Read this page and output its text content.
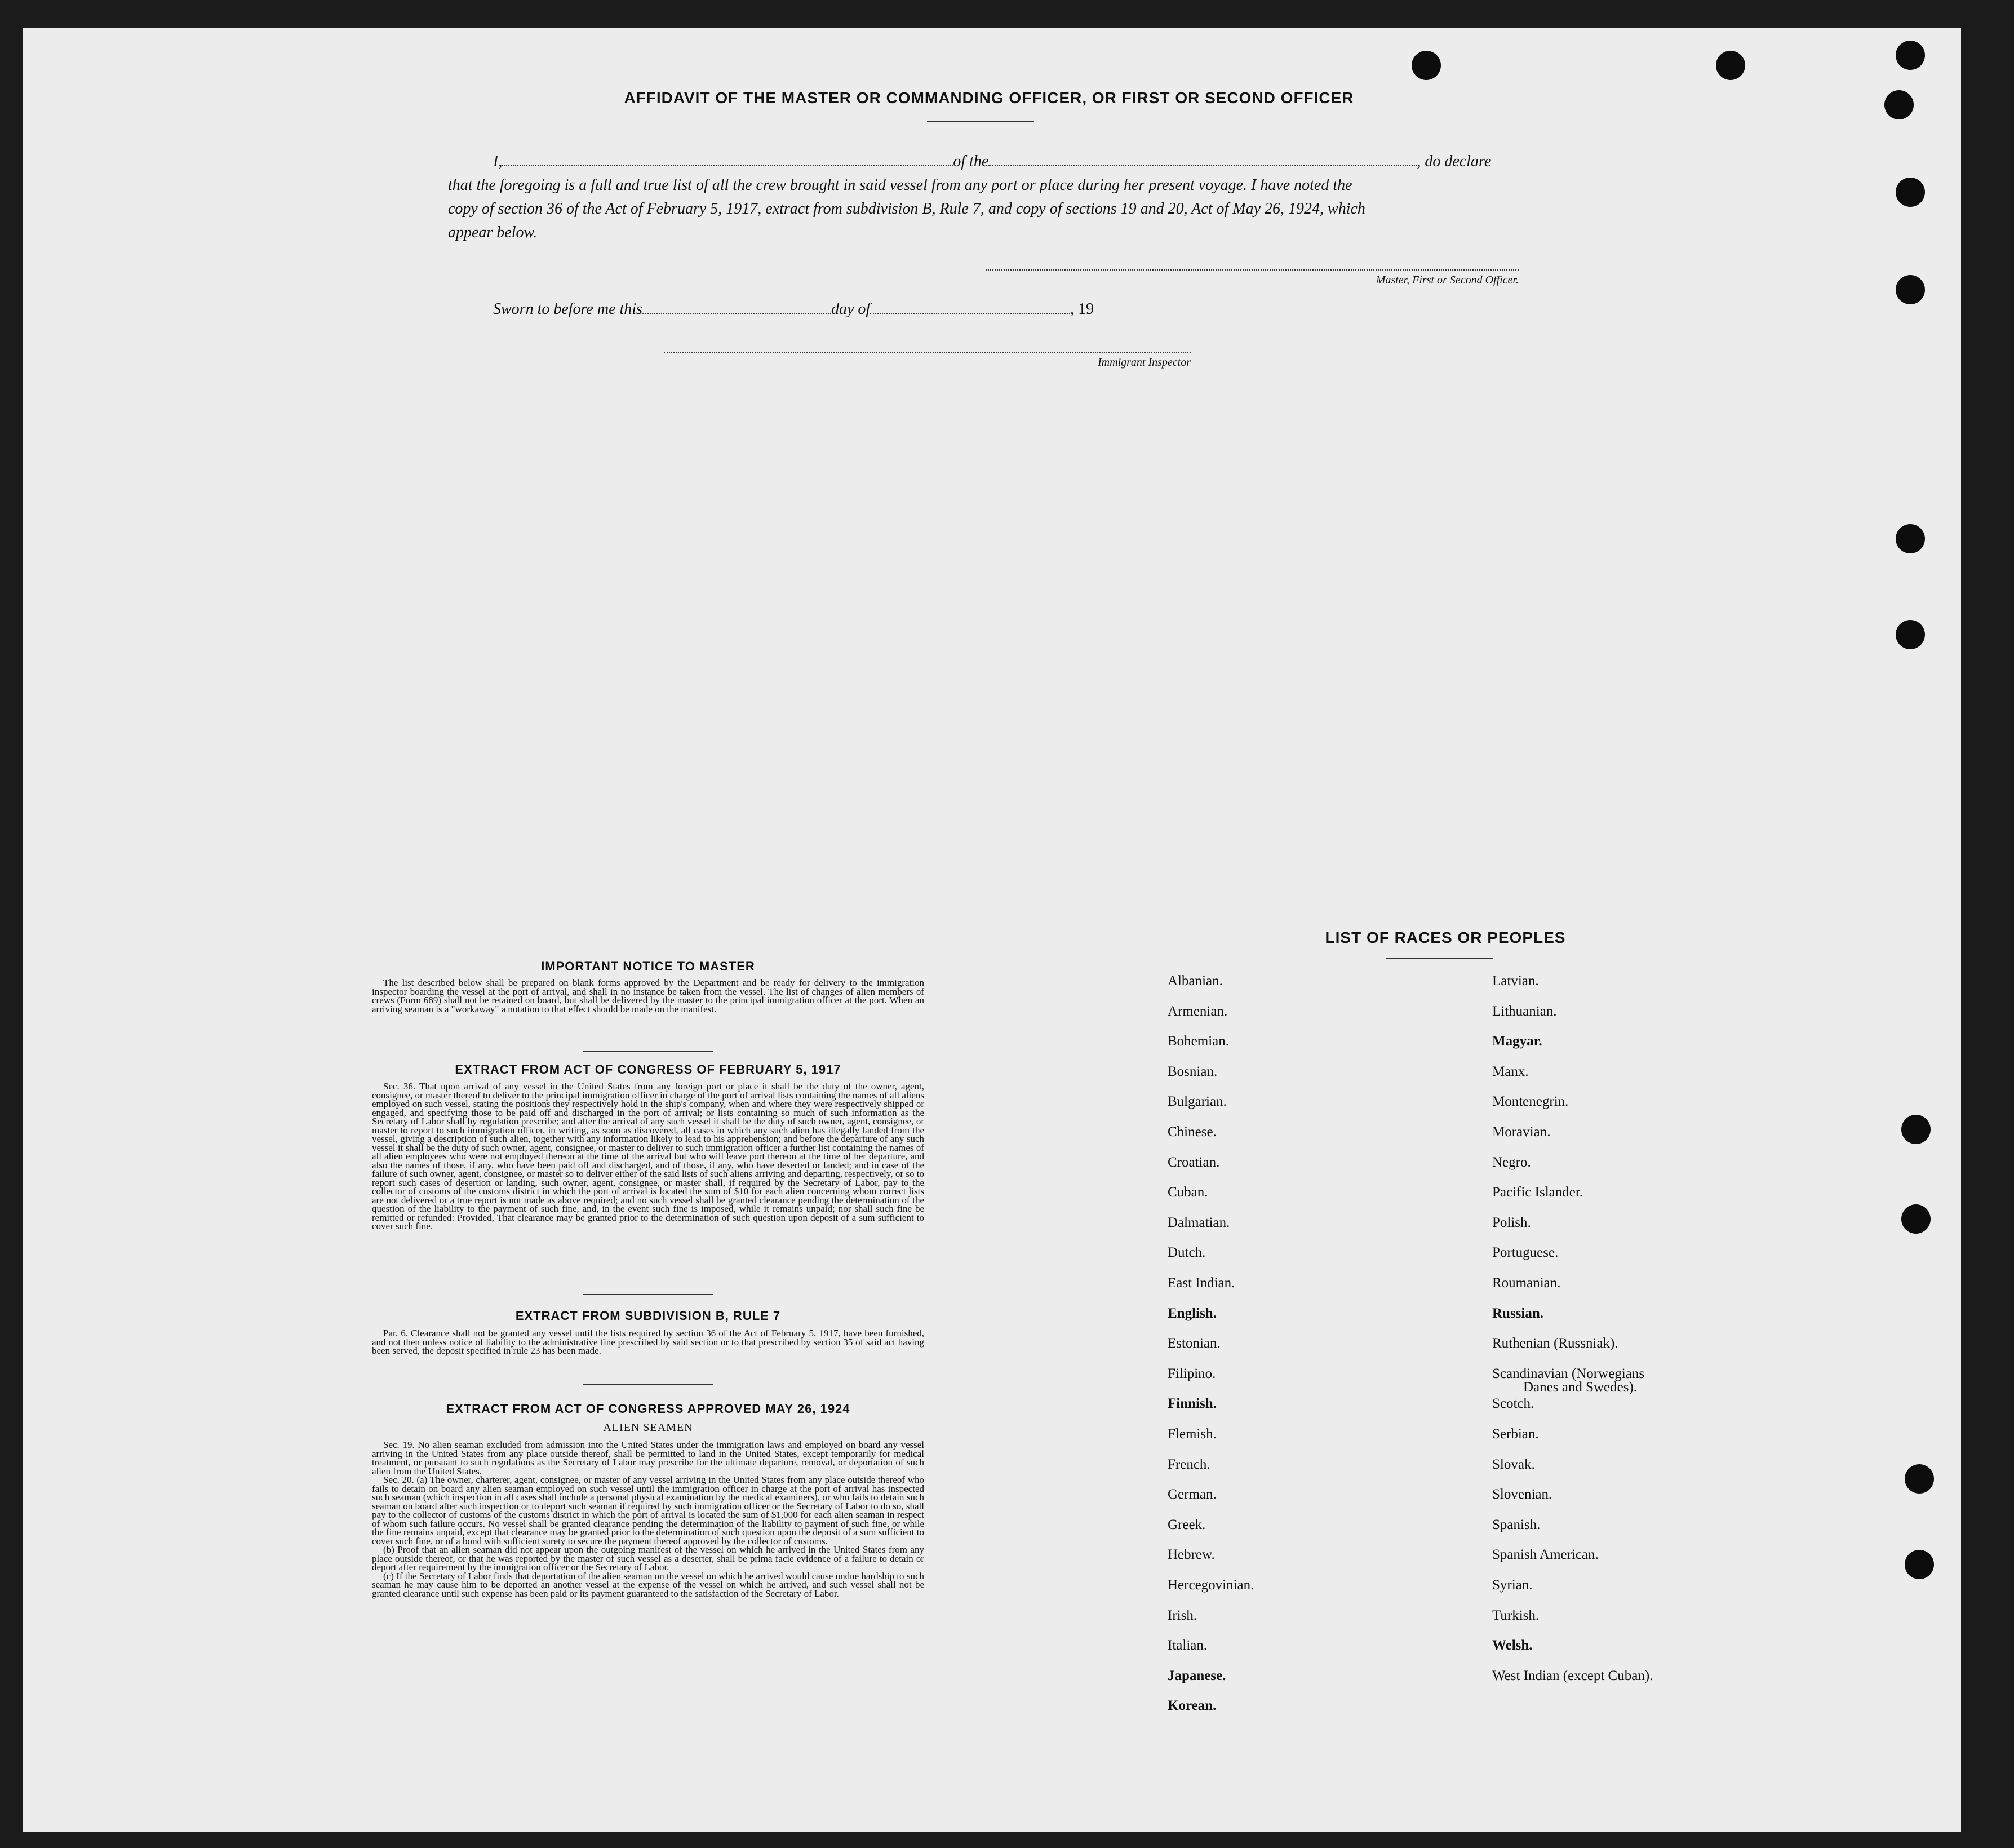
AFFIDAVIT OF THE MASTER OR COMMANDING OFFICER, OR FIRST OR SECOND OFFICER
I,	of the	, do declare
that the foregoing is a full and true list of all the crew brought in said vessel from any port or place during her present voyage. I have noted the
copy of section 36 of the Act of February 5, 1917, extract from subdivision B, Rule 7, and copy of sections 19 and 20, Act of May 26, 1924, which
appear below.
Master, First or Second Officer.
Sworn to before me this	day of	, 19
Immigrant Inspector
IMPORTANT NOTICE TO MASTER

The list described below shall be prepared on blank forms approved by the Department and be ready for delivery to the immigration inspector boarding the vessel at the port of arrival, and shall in no instance be taken from the vessel. The list of changes of alien members of crews (Form 689) shall not be retained on board, but shall be delivered by the master to the principal immigration officer at the port. When an arriving seaman is a "workaway" a notation to that effect should be made on the manifest.

EXTRACT FROM ACT OF CONGRESS OF FEBRUARY 5, 1917

Sec. 36. That upon arrival of any vessel in the United States from any foreign port or place it shall be the duty of the owner, agent, consignee, or master thereof to deliver to the principal immigration officer in charge of the port of arrival lists containing the names of all aliens employed on such vessel, stating the positions they respectively hold in the ship's company, when and where they were respectively shipped or engaged, and specifying those to be paid off and discharged in the port of arrival; or lists containing so much of such information as the Secretary of Labor shall by regulation prescribe; and after the arrival of any such vessel it shall be the duty of such owner, agent, consignee, or master to report to such immigration officer, in writing, as soon as discovered, all cases in which any such alien has illegally landed from the vessel, giving a description of such alien, together with any information likely to lead to his apprehension; and before the departure of any such vessel it shall be the duty of such owner, agent, consignee, or master to deliver to such immigration officer a further list containing the names of all alien employees who were not employed thereon at the time of the arrival but who will leave port thereon at the time of her departure, and also the names of those, if any, who have been paid off and discharged, and of those, if any, who have deserted or landed; and in case of the failure of such owner, agent, consignee, or master so to deliver either of the said lists of such aliens arriving and departing, respectively, or so to report such cases of desertion or landing, such owner, agent, consignee, or master shall, if required by the Secretary of Labor, pay to the collector of customs of the customs district in which the port of arrival is located the sum of $10 for each alien concerning whom correct lists are not delivered or a true report is not made as above required; and no such vessel shall be granted clearance pending the determination of the question of the liability to the payment of such fine, and, in the event such fine is imposed, while it remains unpaid; nor shall such fine be remitted or refunded: Provided, That clearance may be granted prior to the determination of such question upon deposit of a sum sufficient to cover such fine.

EXTRACT FROM SUBDIVISION B, RULE 7

Par. 6. Clearance shall not be granted any vessel until the lists required by section 36 of the Act of February 5, 1917, have been furnished, and not then unless notice of liability to the administrative fine prescribed by said section or to that prescribed by section 35 of said act having been served, the deposit specified in rule 23 has been made.

EXTRACT FROM ACT OF CONGRESS APPROVED MAY 26, 1924
ALIEN SEAMEN

Sec. 19. No alien seaman excluded from admission into the United States under the immigration laws and employed on board any vessel arriving in the United States from any place outside thereof, shall be permitted to land in the United States, except temporarily for medical treatment, or pursuant to such regulations as the Secretary of Labor may prescribe for the ultimate departure, removal, or deportation of such alien from the United States.

Sec. 20. (a) The owner, charterer, agent, consignee, or master of any vessel arriving in the United States from any place outside thereof who fails to detain on board any alien seaman employed on such vessel until the immigration officer in charge at the port of arrival has inspected such seaman (which inspection in all cases shall include a personal physical examination by the medical examiners), or who fails to detain such seaman on board after such inspection or to deport such seaman if required by such immigration officer or the Secretary of Labor to do so, shall pay to the collector of customs of the customs district in which the port of arrival is located the sum of $1,000 for each alien seaman in respect of whom such failure occurs. No vessel shall be granted clearance pending the determination of the liability to payment of such fine, or while the fine remains unpaid, except that clearance may be granted prior to the determination of such question upon the deposit of a sum sufficient to cover such fine, or of a bond with sufficient surety to secure the payment thereof approved by the collector of customs.

(b) Proof that an alien seaman did not appear upon the outgoing manifest of the vessel on which he arrived in the United States from any place outside thereof, or that he was reported by the master of such vessel as a deserter, shall be prima facie evidence of a failure to detain or deport after requirement by the immigration officer or the Secretary of Labor.

(c) If the Secretary of Labor finds that deportation of the alien seaman on the vessel on which he arrived would cause undue hardship to such seaman he may cause him to be deported an another vessel at the expense of the vessel on which he arrived, and such vessel shall not be granted clearance until such expense has been paid or its payment guaranteed to the satisfaction of the Secretary of Labor.

LIST OF RACES OR PEOPLES
Albanian.
Armenian.
Bohemian.
Bosnian.
Bulgarian.
Chinese.
Croatian.
Cuban.
Dalmatian.
Dutch.
East Indian.
English.
Estonian.
Filipino.
Finnish.
Flemish.
French.
German.
Greek.
Hebrew.
Hercegovinian.
Irish.
Italian.
Japanese.
Korean.
Latvian.
Lithuanian.
Magyar.
Manx.
Montenegrin.
Moravian.
Negro.
Pacific Islander.
Polish.
Portuguese.
Roumanian.
Russian.
Ruthenian (Russniak).
Scandinavian (Norwegians
Danes and Swedes).
Scotch.
Serbian.
Slovak.
Slovenian.
Spanish.
Spanish American.
Syrian.
Turkish.
Welsh.
West Indian (except Cuban).
